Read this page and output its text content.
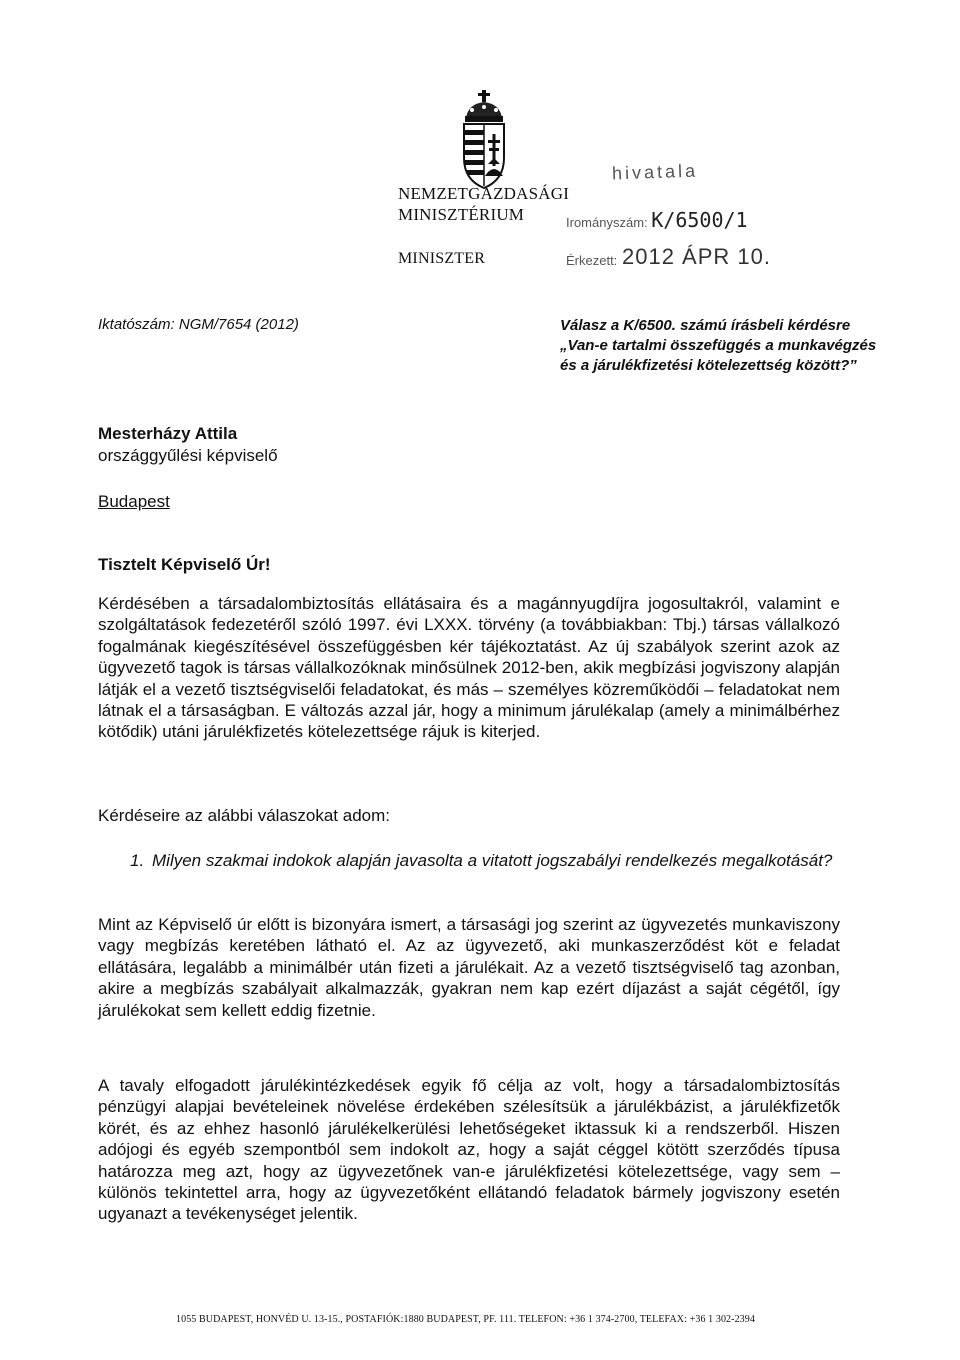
NEMZETGAZDASÁGI
MINISZTÉRIUM
MINISZTER
hivatala
Irományszám: K/6500/1
Érkezett: 2012 ÁPR 10.
Iktatószám: NGM/7654 (2012)	Válasz a K/6500. számú írásbeli kérdésre
„Van-e tartalmi összefüggés a munkavégzés
és a járulékfizetési kötelezettség között?”
Mesterházy Attila
országgyűlési képviselő
Budapest
Tisztelt Képviselő Úr!
Kérdésében a társadalombiztosítás ellátásaira és a magánnyugdíjra jogosultakról, valamint e szolgáltatások fedezetéről szóló 1997. évi LXXX. törvény (a továbbiakban: Tbj.) társas vállalkozó fogalmának kiegészítésével összefüggésben kér tájékoztatást. Az új szabályok szerint azok az ügyvezető tagok is társas vállalkozóknak minősülnek 2012-ben, akik megbízási jogviszony alapján látják el a vezető tisztségviselői feladatokat, és más – személyes közreműködői – feladatokat nem látnak el a társaságban. E változás azzal jár, hogy a minimum járulékalap (amely a minimálbérhez kötődik) utáni járulékfizetés kötelezettsége rájuk is kiterjed.
Kérdéseire az alábbi válaszokat adom:
1. Milyen szakmai indokok alapján javasolta a vitatott jogszabályi rendelkezés megalkotását?
Mint az Képviselő úr előtt is bizonyára ismert, a társasági jog szerint az ügyvezetés munkaviszony vagy megbízás keretében látható el. Az az ügyvezető, aki munkaszerződést köt e feladat ellátására, legalább a minimálbér után fizeti a járulékait. Az a vezető tisztségviselő tag azonban, akire a megbízás szabályait alkalmazzák, gyakran nem kap ezért díjazást a saját cégétől, így járulékokat sem kellett eddig fizetnie.
A tavaly elfogadott járulékintézkedések egyik fő célja az volt, hogy a társadalombiztosítás pénzügyi alapjai bevételeinek növelése érdekében szélesítsük a járulékbázist, a járulékfizetők körét, és az ehhez hasonló járulékelkerülési lehetőségeket iktassuk ki a rendszerből. Hiszen adójogi és egyéb szempontból sem indokolt az, hogy a saját céggel kötött szerződés típusa határozza meg azt, hogy az ügyvezetőnek van-e járulékfizetési kötelezettsége, vagy sem – különös tekintettel arra, hogy az ügyvezetőként ellátandó feladatok bármely jogviszony esetén ugyanazt a tevékenységet jelentik.
1055 BUDAPEST, HONVÉD U. 13-15., POSTAFIÓK:1880 BUDAPEST, PF. 111. TELEFON: +36 1 374-2700, TELEFAX: +36 1 302-2394
